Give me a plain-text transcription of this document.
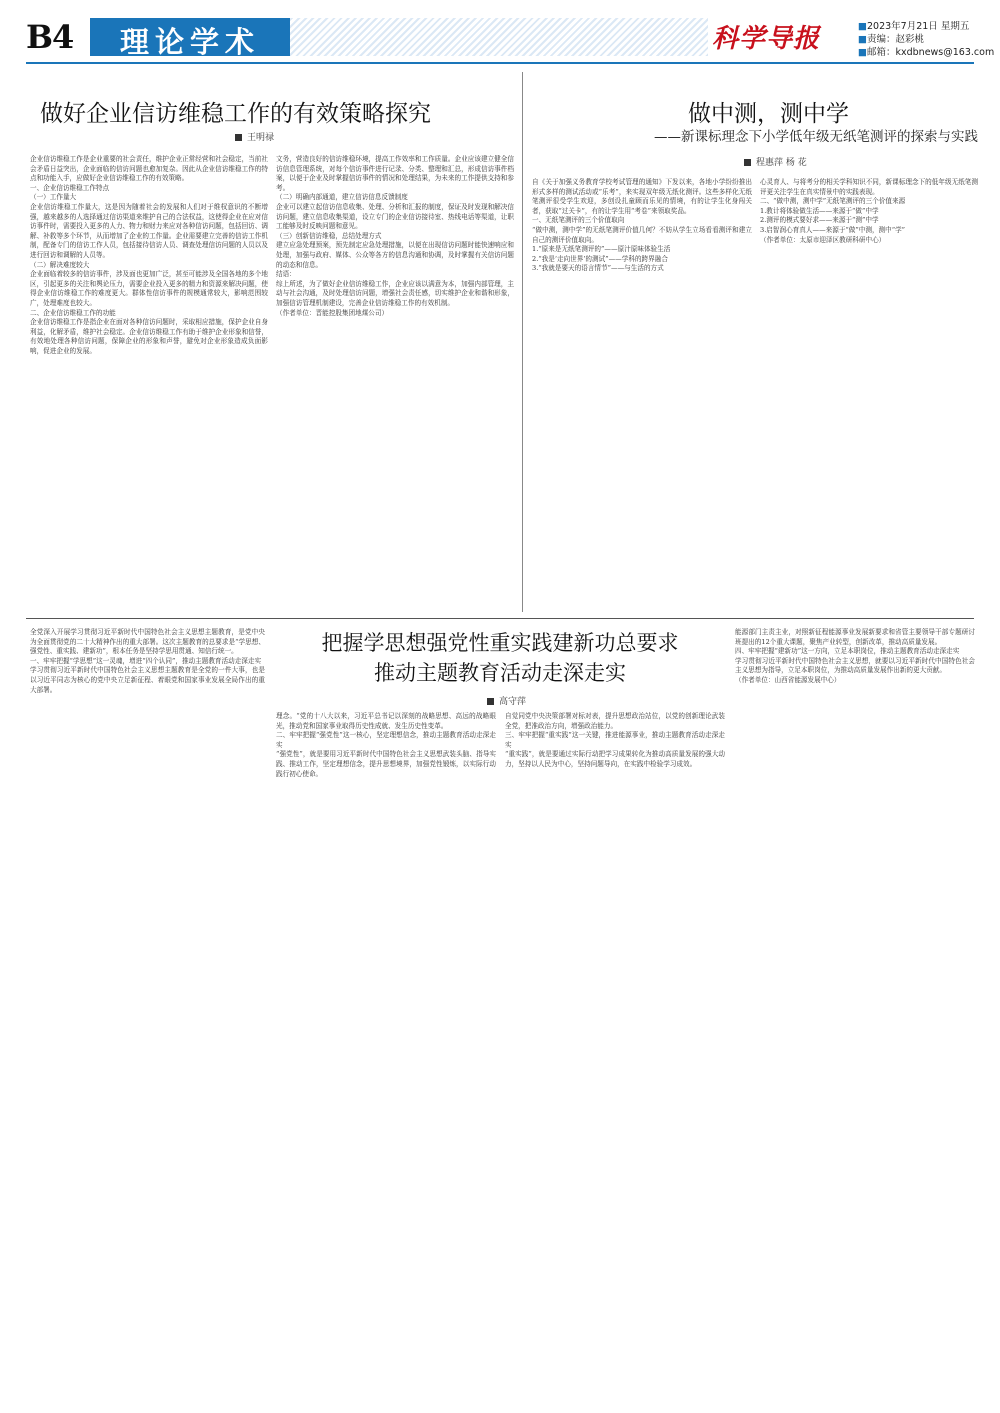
B4	理论学术	科学导报	■2023年7月21日 星期五
■责编：赵彩桃
■邮箱：kxdbnews@163.com
做好企业信访维稳工作的有效策略探究
王明禄
企业信访维稳工作是企业重要的社会责任，维护企业正常经营和社会稳定，当前社会矛盾日益突出，企业面临的信访问题也愈加复杂。因此从企业信访维稳工作的特点和功能入手，应做好企业信访维稳工作的有效策略。
一、企业信访维稳工作特点
（一）工作量大
企业信访维稳工作量大，这是因为随着社会的发展和人们对于维权意识的不断增强，越来越多的人选择通过信访渠道来维护自己的合法权益，这使得企业在应对信访事件时，需要投入更多的人力、物力和财力来应对各种信访问题，包括回访、调解、补救等多个环节，从而增加了企业的工作量。企业需要建立完善的信访工作机制，配备专门的信访工作人员，包括接待信访人员、调查处理信访问题的人员以及进行回访和调解的人员等。
（二）解决难度较大
企业面临着较多的信访事件，涉及面也更加广泛，甚至可能涉及全国各地的多个地区，引起更多的关注和舆论压力，需要企业投入更多的精力和资源来解决问题，使得企业信访维稳工作的难度更大。群体性信访事件的规模通常较大，影响范围较广，处理难度也较大。
二、企业信访维稳工作的功能
企业信访维稳工作是指企业在面对各种信访问题时，采取相应措施，保护企业自身利益，化解矛盾，维护社会稳定。企业信访维稳工作有助于维护企业形象和信誉，有效地处理各种信访问题，保障企业的形象和声誉，避免对企业形象造成负面影响，促进企业的发展。
文务，营造良好的信访维稳环境，提高工作效率和工作质量。企业应该建立健全信访信息管理系统，对每个信访事件进行记录、分类、整理和汇总，形成信访事件档案，以便于企业及时掌握信访事件的情况和处理结果，为未来的工作提供支持和参考。
（二）明确内部通道，建立信访信息反馈制度
企业可以建立起信访信息收集、处理、分析和汇报的制度，保证及时发现和解决信访问题，建立信息收集渠道，设立专门的企业信访接待室、热线电话等渠道，让职工能够及时反映问题和意见。
（三）创新信访维稳，总结处理方式
建立应急处理预案，预先制定应急处理措施，以便在出现信访问题时能快速响应和处理，加强与政府、媒体、公众等各方的信息沟通和协调，及时掌握有关信访问题的动态和信息。
结语：
综上所述，为了做好企业信访维稳工作，企业应该以满意为本，加强内部管理，主动与社会沟通，及时处理信访问题，增强社会责任感，切实维护企业和谐和形象，加强信访管理机制建设，完善企业信访维稳工作的有效机制。
（作者单位：晋能控股集团地煤公司）
做中测，测中学
——新课标理念下小学低年级无纸笔测评的探索与实践
程惠萍 杨 花
自《关于加强义务教育学校考试管理的通知》下发以来，各地小学纷纷推出形式多样的测试活动或“乐考”，来实现双年级无纸化测评。这些多样化无纸笔测评很受学生欢迎，多创设扎童顾而乐见的情境，有的让学生化身闯关者，获取“过关卡”，有的让学生用“考卷”来领取奖品。
一、无纸笔测评的三个价值取向
“做中测，测中学”的无纸笔测评价值几何？不妨从学生立场看看测评和建立自己的测评价值取向。
1.“原来是无纸笔测评的”——原汁原味体验生活
2.“我是‘走向世界’的测试”——学科的跨界融合
3.“我就是要天的语言情节”——与生活的方式
心灵育人、与将考分的相关学科知识不同，新课标理念下的低年级无纸笔测评更关注学生在真实情景中的实践表现。
二、“做中测，测中学”无纸笔测评的三个价值来源
1.教计将体验做生活——来源于“做”中学
2.测评的模式要好求——来源于“测”中学
3.启智润心育真人——来源于“做”中测，测中“学”
（作者单位：太原市迎泽区教研科研中心）
把握学思想强党性重实践建新功总要求
推动主题教育活动走深走实
高守萍
全党深入开展学习贯彻习近平新时代中国特色社会主义思想主题教育，是党中央为全面贯彻党的二十大精神作出的重大部署。这次主题教育的总要求是“学思想、强党性、重实践、建新功”，根本任务是坚持学思用贯通、知信行统一。
一、牢牢把握“学思想”这一灵魂，增进“四个认同”，推动主题教育活动走深走实
学习贯彻习近平新时代中国特色社会主义思想主题教育是全党的一件大事，也是以习近平同志为核心的党中央立足新征程、着眼党和国家事业发展全局作出的重大部署。
理念。“党的十八大以来，习近平总书记以深刻的战略思想、高远的战略眼光，推动党和国家事业取得历史性成就、发生历史性变革。
二、牢牢把握“强党性”这一核心，坚定理想信念，推动主题教育活动走深走实
“强党性”，就是要用习近平新时代中国特色社会主义思想武装头脑、指导实践、推动工作，坚定理想信念，提升思想境界，加强党性锻炼，以实际行动践行初心使命。
自觉同党中央决策部署对标对表，提升思想政治站位，以党的创新理论武装全党，把准政治方向，增强政治能力。
三、牢牢把握“重实践”这一关键，推进能源事业，推动主题教育活动走深走实
“重实践”，就是要通过实际行动把学习成果转化为推动高质量发展的强大动力，坚持以人民为中心，坚持问题导向，在实践中检验学习成效。
能源部门主责主业，对照新征程能源事业发展新要求和省管主要领导干部专题研讨班提出的12个重大课题，聚焦产业转型，创新改革，推动高质量发展。
四、牢牢把握“建新功”这一方向，立足本职岗位，推动主题教育活动走深走实
学习贯彻习近平新时代中国特色社会主义思想，就要以习近平新时代中国特色社会主义思想为指导，立足本职岗位，为推动高质量发展作出新的更大贡献。
（作者单位：山西省能源发展中心）
